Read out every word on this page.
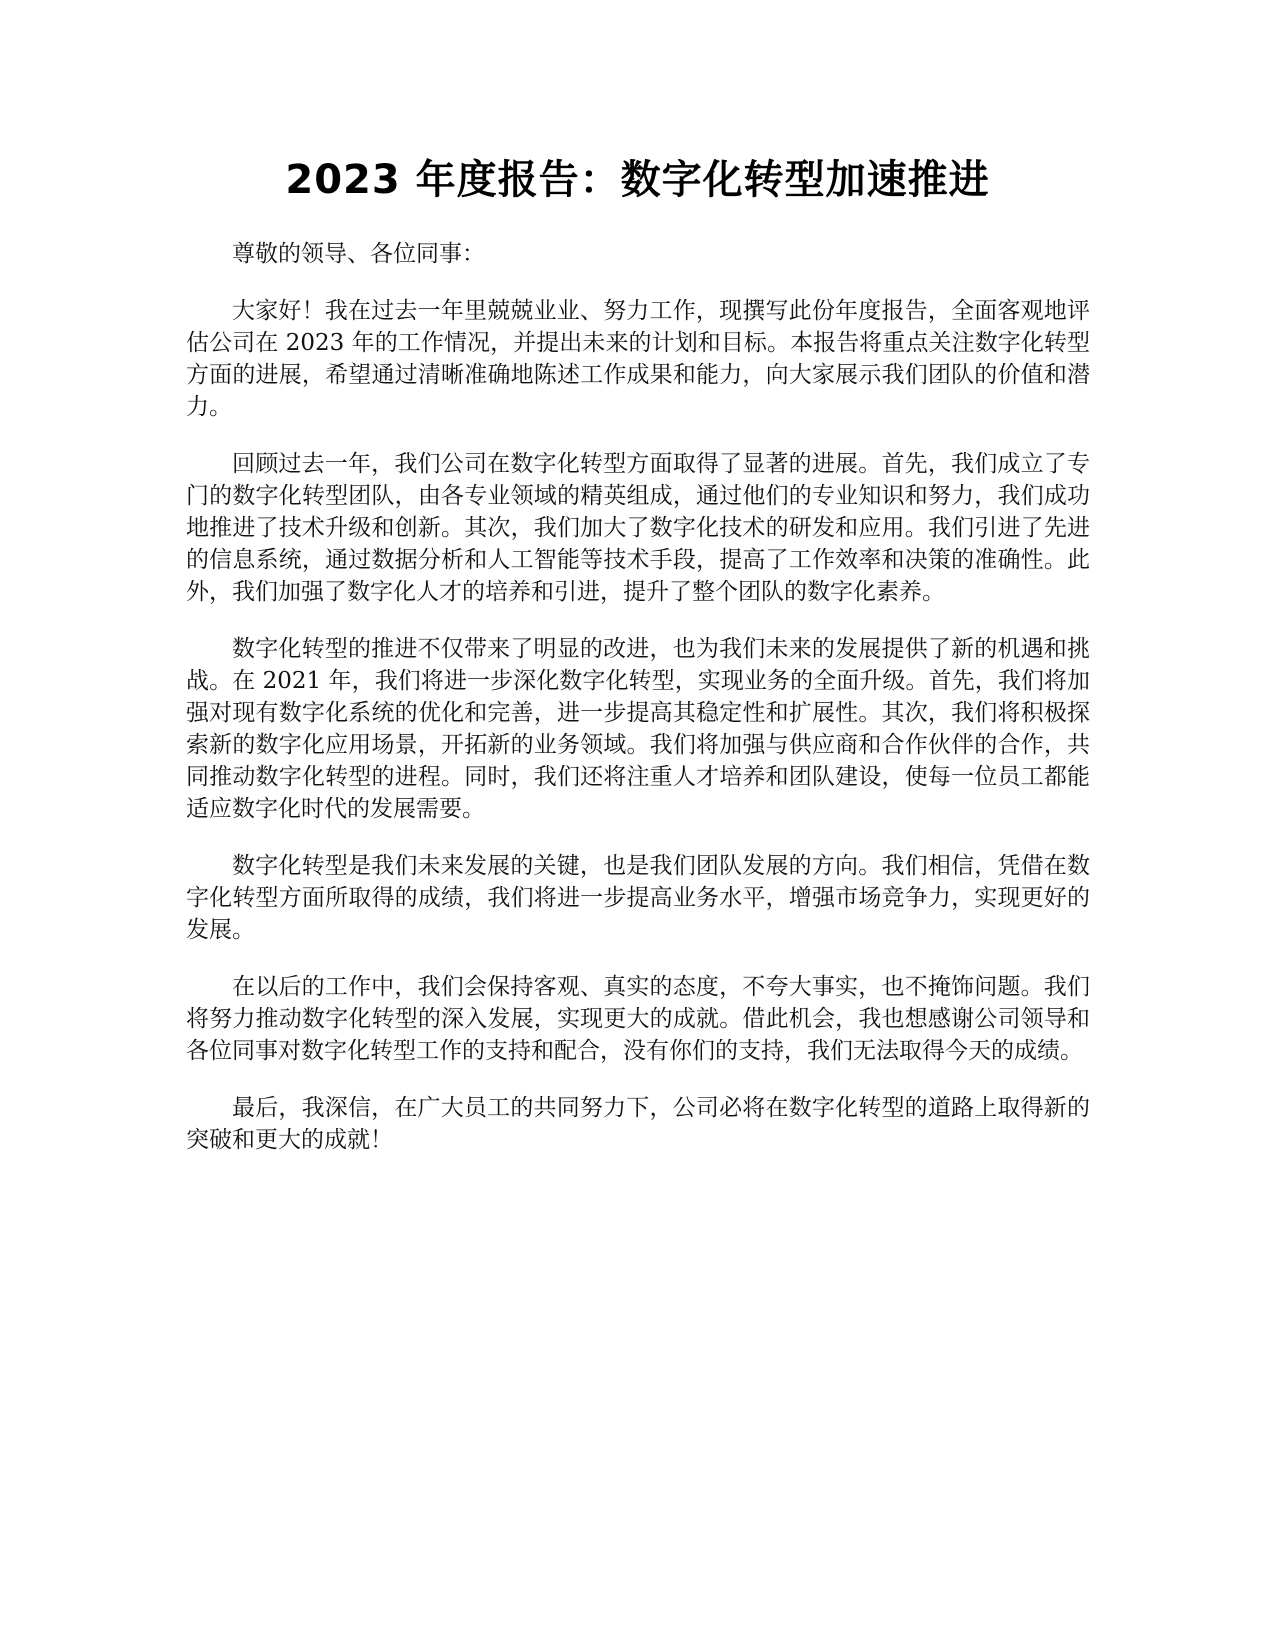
2023 年度报告：数字化转型加速推进

尊敬的领导、各位同事：

大家好！我在过去一年里兢兢业业、努力工作，现撰写此份年度报告，全面客观地评估公司在 2023 年的工作情况，并提出未来的计划和目标。本报告将重点关注数字化转型方面的进展，希望通过清晰准确地陈述工作成果和能力，向大家展示我们团队的价值和潜力。

回顾过去一年，我们公司在数字化转型方面取得了显著的进展。首先，我们成立了专门的数字化转型团队，由各专业领域的精英组成，通过他们的专业知识和努力，我们成功地推进了技术升级和创新。其次，我们加大了数字化技术的研发和应用。我们引进了先进的信息系统，通过数据分析和人工智能等技术手段，提高了工作效率和决策的准确性。此外，我们加强了数字化人才的培养和引进，提升了整个团队的数字化素养。

数字化转型的推进不仅带来了明显的改进，也为我们未来的发展提供了新的机遇和挑战。在 2021 年，我们将进一步深化数字化转型，实现业务的全面升级。首先，我们将加强对现有数字化系统的优化和完善，进一步提高其稳定性和扩展性。其次，我们将积极探索新的数字化应用场景，开拓新的业务领域。我们将加强与供应商和合作伙伴的合作，共同推动数字化转型的进程。同时，我们还将注重人才培养和团队建设，使每一位员工都能适应数字化时代的发展需要。

数字化转型是我们未来发展的关键，也是我们团队发展的方向。我们相信，凭借在数字化转型方面所取得的成绩，我们将进一步提高业务水平，增强市场竞争力，实现更好的发展。

在以后的工作中，我们会保持客观、真实的态度，不夸大事实，也不掩饰问题。我们将努力推动数字化转型的深入发展，实现更大的成就。借此机会，我也想感谢公司领导和各位同事对数字化转型工作的支持和配合，没有你们的支持，我们无法取得今天的成绩。

最后，我深信，在广大员工的共同努力下，公司必将在数字化转型的道路上取得新的突破和更大的成就！
